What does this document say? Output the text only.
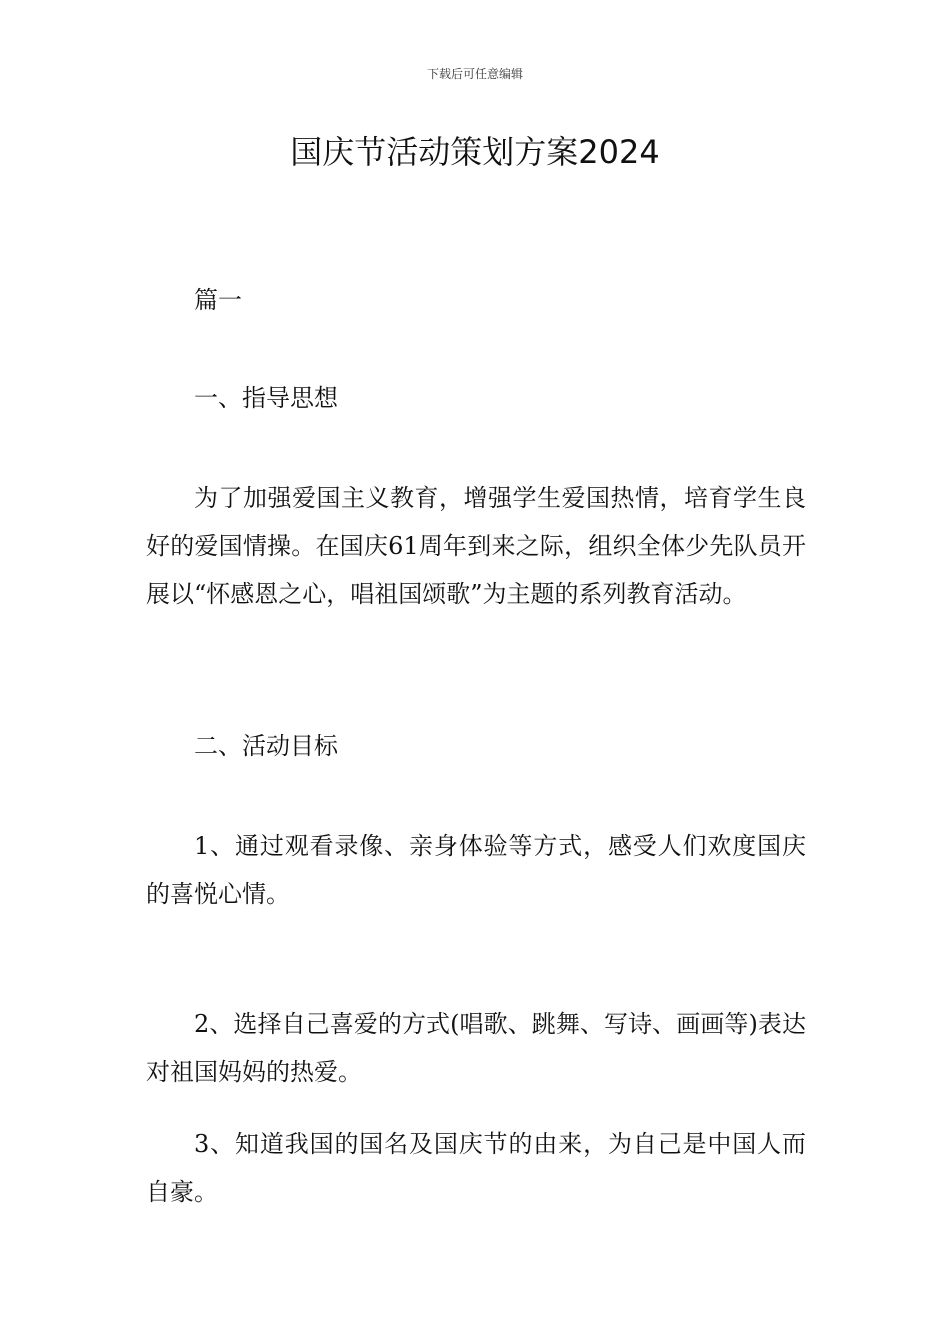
下载后可任意编辑
国庆节活动策划方案2024

篇一

一、指导思想

为了加强爱国主义教育，增强学生爱国热情，培育学生良好的爱国情操。在国庆61周年到来之际，组织全体少先队员开展以“怀感恩之心，唱祖国颂歌”为主题的系列教育活动。

二、活动目标

1、通过观看录像、亲身体验等方式，感受人们欢度国庆的喜悦心情。

2、选择自己喜爱的方式(唱歌、跳舞、写诗、画画等)表达对祖国妈妈的热爱。

3、知道我国的国名及国庆节的由来，为自己是中国人而自豪。
